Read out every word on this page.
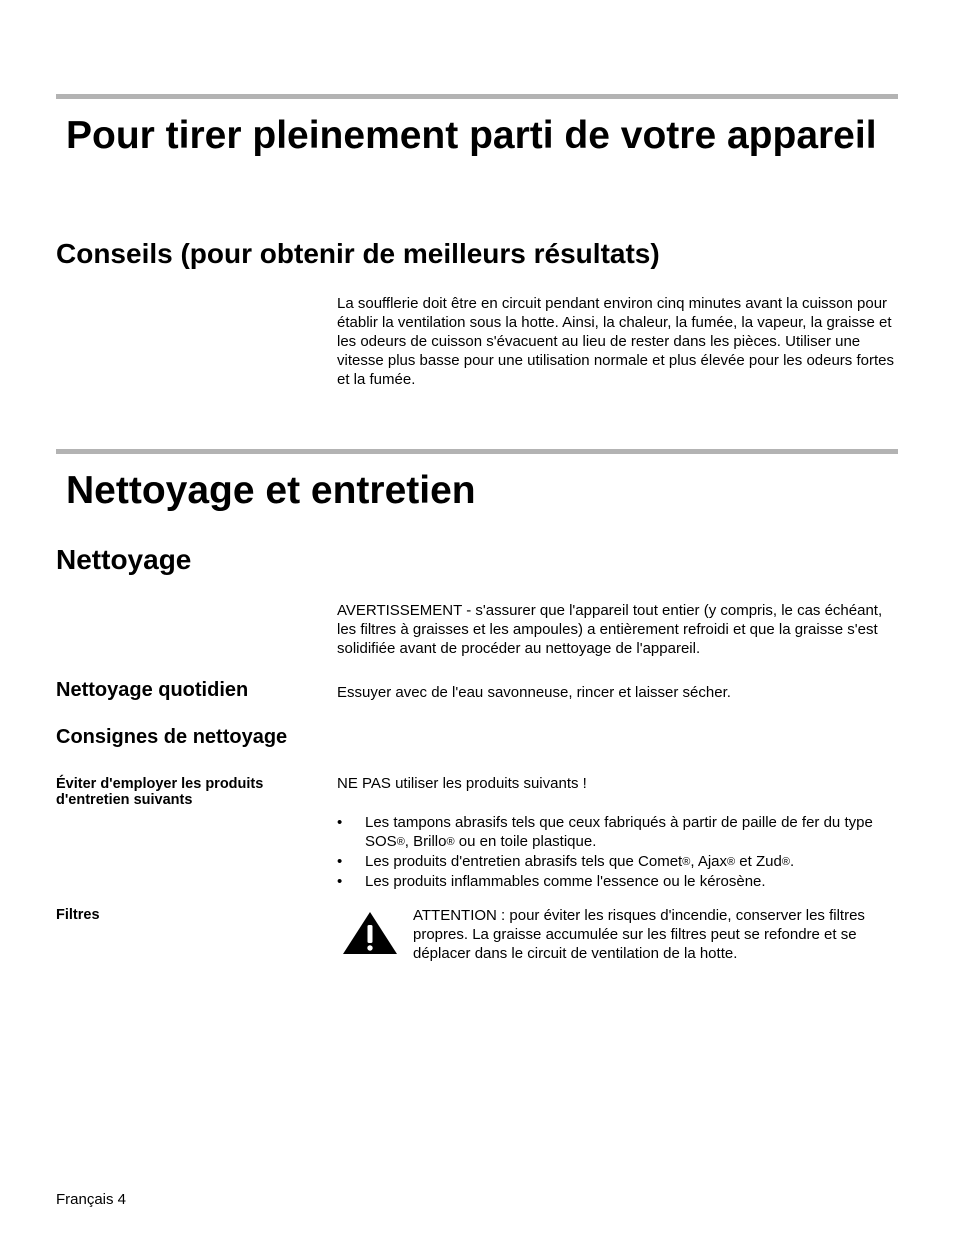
Pour tirer pleinement parti de votre appareil
Conseils (pour obtenir de meilleurs résultats)

La soufflerie doit être en circuit pendant environ cinq minutes avant la cuisson pour établir la ventilation sous la hotte. Ainsi, la chaleur, la fumée, la vapeur, la graisse et les odeurs de cuisson s'évacuent au lieu de rester dans les pièces. Utiliser une vitesse plus basse pour une utilisation normale et plus élevée pour les odeurs fortes et la fumée.

Nettoyage et entretien
Nettoyage

AVERTISSEMENT - s'assurer que l'appareil tout entier (y compris, le cas échéant, les filtres à graisses et les ampoules) a entièrement refroidi et que la graisse s'est solidifiée avant de procéder au nettoyage de l'appareil.

Nettoyage quotidien	Essuyer avec de l'eau savonneuse, rincer et laisser sécher.

Consignes de nettoyage
Éviter d'employer les produits d'entretien suivants

NE PAS utiliser les produits suivants !

• Les tampons abrasifs tels que ceux fabriqués à partir de paille de fer du type SOS®, Brillo® ou en toile plastique.
• Les produits d'entretien abrasifs tels que Comet®, Ajax® et Zud®.
• Les produits inflammables comme l'essence ou le kérosène.
Filtres	ATTENTION : pour éviter les risques d'incendie, conserver les filtres propres. La graisse accumulée sur les filtres peut se refondre et se déplacer dans le circuit de ventilation de la hotte.

Français 4
